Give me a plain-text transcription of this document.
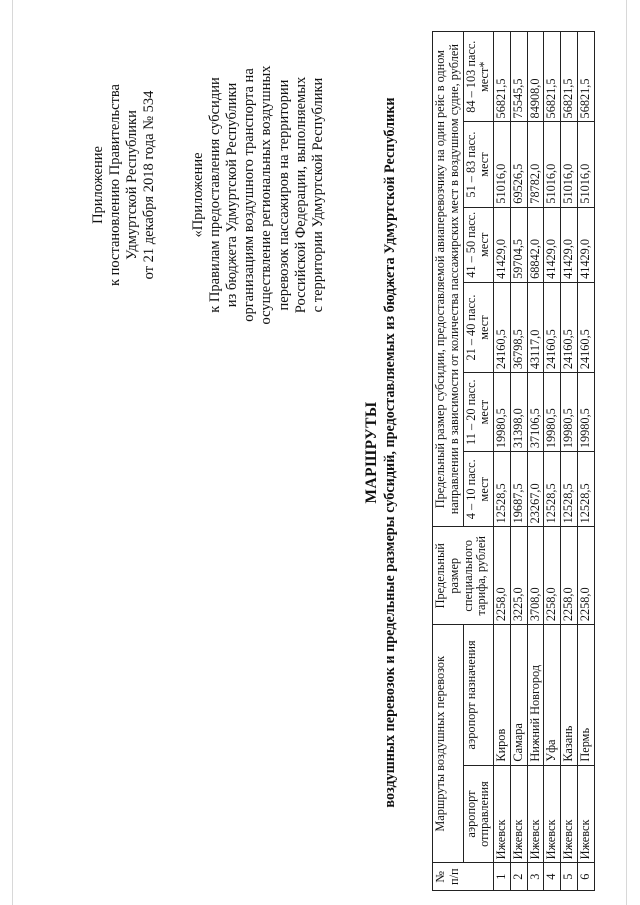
Приложение к постановлению Правительства Удмуртской Республики от 21 декабря 2018 года № 534 «Приложение к Правилам предоставления субсидии из бюджета Удмуртской Республики организациям воздушного транспорта на осуществление региональных воздушных перевозок пассажиров на территории Российской Федерации, выполняемых с территории Удмуртской Республики
МАРШРУТЫ воздушных перевозок и предельные размеры субсидий, предоставляемых из бюджета Удмуртской Республики
№ п/п	Маршруты воздушных перевозок		Предельный размер специального тарифа, рублей	Предельный размер субсидии, предоставляемой авиаперевозчику на один рейс в одном направлении в зависимости от количества пассажирских мест в воздушном судне, рублей					
	аэропорт отправления	аэропорт назначения		4 – 10 пасс. мест	11 – 20 пасс. мест	21 – 40 пасс. мест	41 – 50 пасс. мест	51 – 83 пасс. мест	84 – 103 пасс. мест*
1	Ижевск	Киров	2258,0	12528,5	19980,5	24160,5	41429,0	51016,0	56821,5
2	Ижевск	Самара	3225,0	19687,5	31398,0	36798,5	59704,5	69526,5	75545,5
3	Ижевск	Нижний Новгород	3708,0	23267,0	37106,5	43117,0	68842,0	78782,0	84908,0
4	Ижевск	Уфа	2258,0	12528,5	19980,5	24160,5	41429,0	51016,0	56821,5
5	Ижевск	Казань	2258,0	12528,5	19980,5	24160,5	41429,0	51016,0	56821,5
6	Ижевск	Пермь	2258,0	12528,5	19980,5	24160,5	41429,0	51016,0	56821,5
